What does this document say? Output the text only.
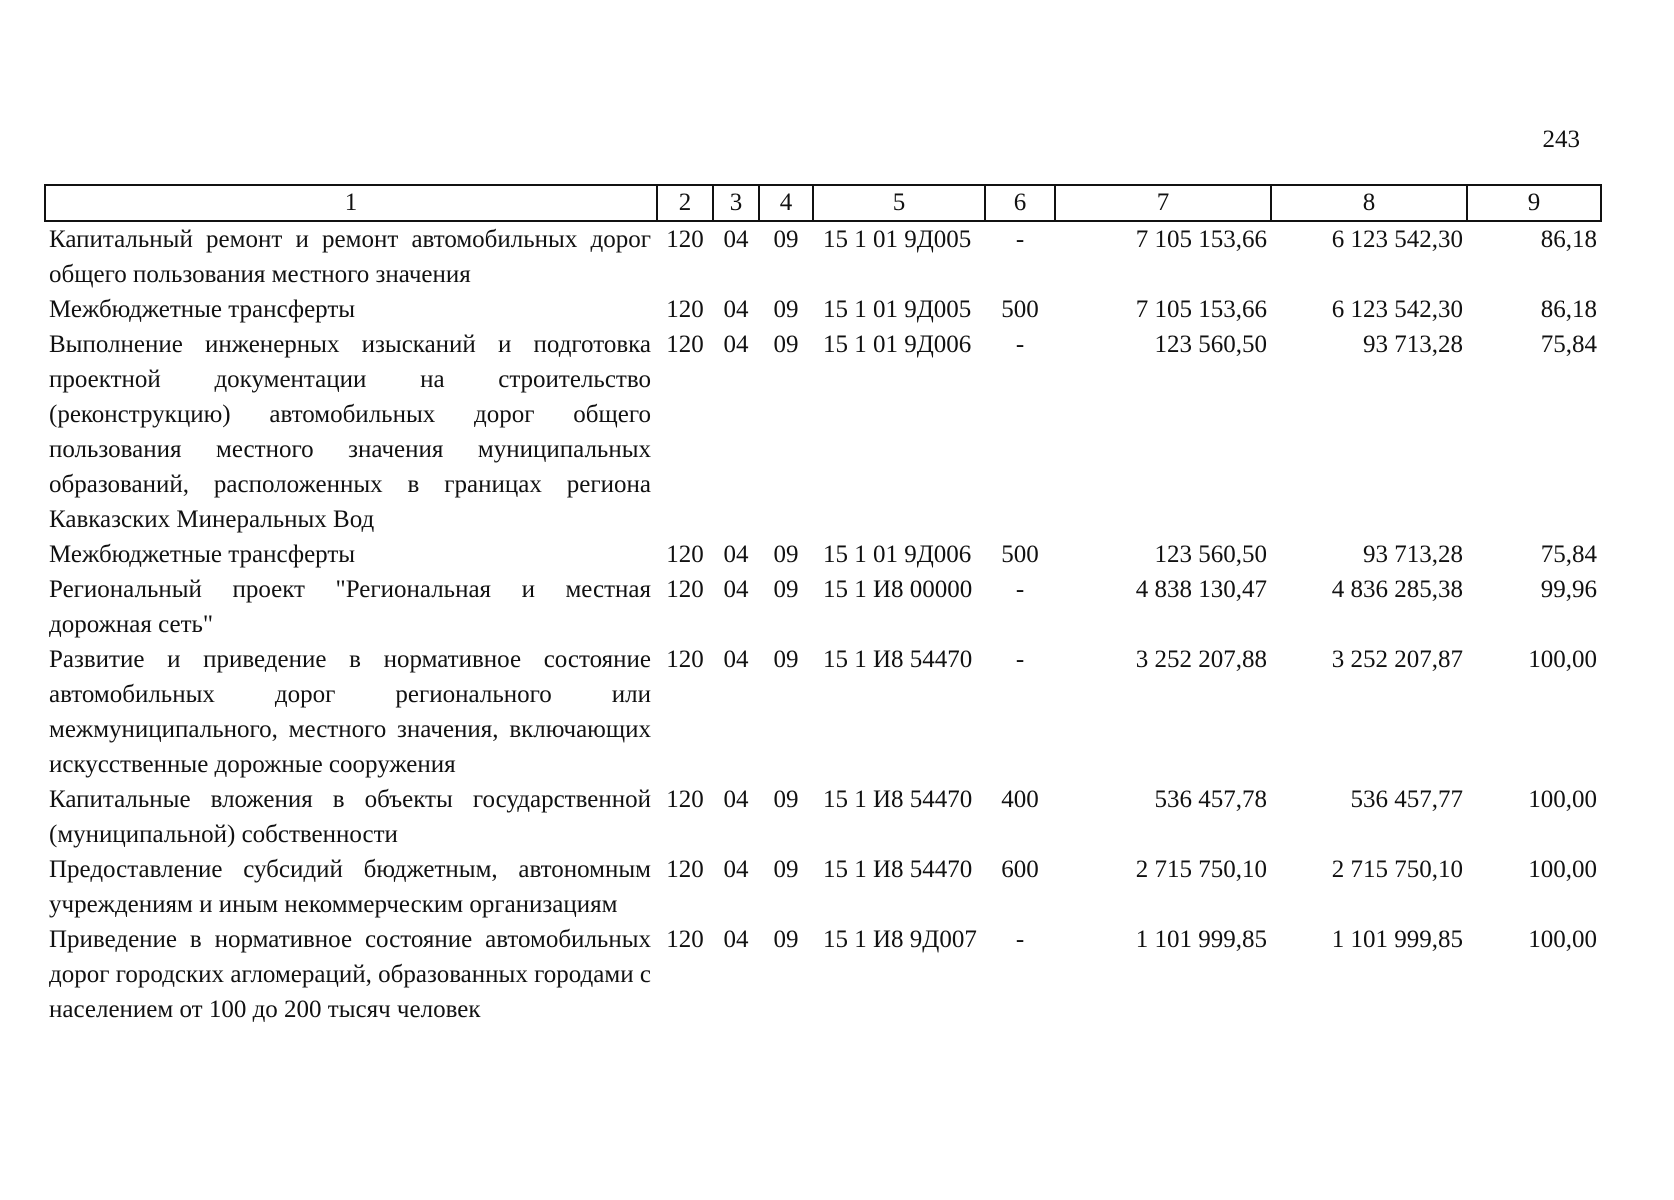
243
1	2	3	4	5	6	7	8	9
Капитальный ремонт и ремонт автомобильных дорог общего пользования местного значения	120	04	09	15 1 01 9Д005	-	7 105 153,66	6 123 542,30	86,18
Межбюджетные трансферты	120	04	09	15 1 01 9Д005	500	7 105 153,66	6 123 542,30	86,18
Выполнение инженерных изысканий и подготовка проектной документации на строительство (реконструкцию) автомобильных дорог общего пользования местного значения муниципальных образований, расположенных в границах региона Кавказских Минеральных Вод	120	04	09	15 1 01 9Д006	-	123 560,50	93 713,28	75,84
Межбюджетные трансферты	120	04	09	15 1 01 9Д006	500	123 560,50	93 713,28	75,84
Региональный проект "Региональная и местная дорожная сеть"	120	04	09	15 1 И8 00000	-	4 838 130,47	4 836 285,38	99,96
Развитие и приведение в нормативное состояние автомобильных дорог регионального или межмуниципального, местного значения, включающих искусственные дорожные сооружения	120	04	09	15 1 И8 54470	-	3 252 207,88	3 252 207,87	100,00
Капитальные вложения в объекты государственной (муниципальной) собственности	120	04	09	15 1 И8 54470	400	536 457,78	536 457,77	100,00
Предоставление субсидий бюджетным, автономным учреждениям и иным некоммерческим организациям	120	04	09	15 1 И8 54470	600	2 715 750,10	2 715 750,10	100,00
Приведение в нормативное состояние автомобильных дорог городских агломераций, образованных городами с населением от 100 до 200 тысяч человек	120	04	09	15 1 И8 9Д007	-	1 101 999,85	1 101 999,85	100,00
